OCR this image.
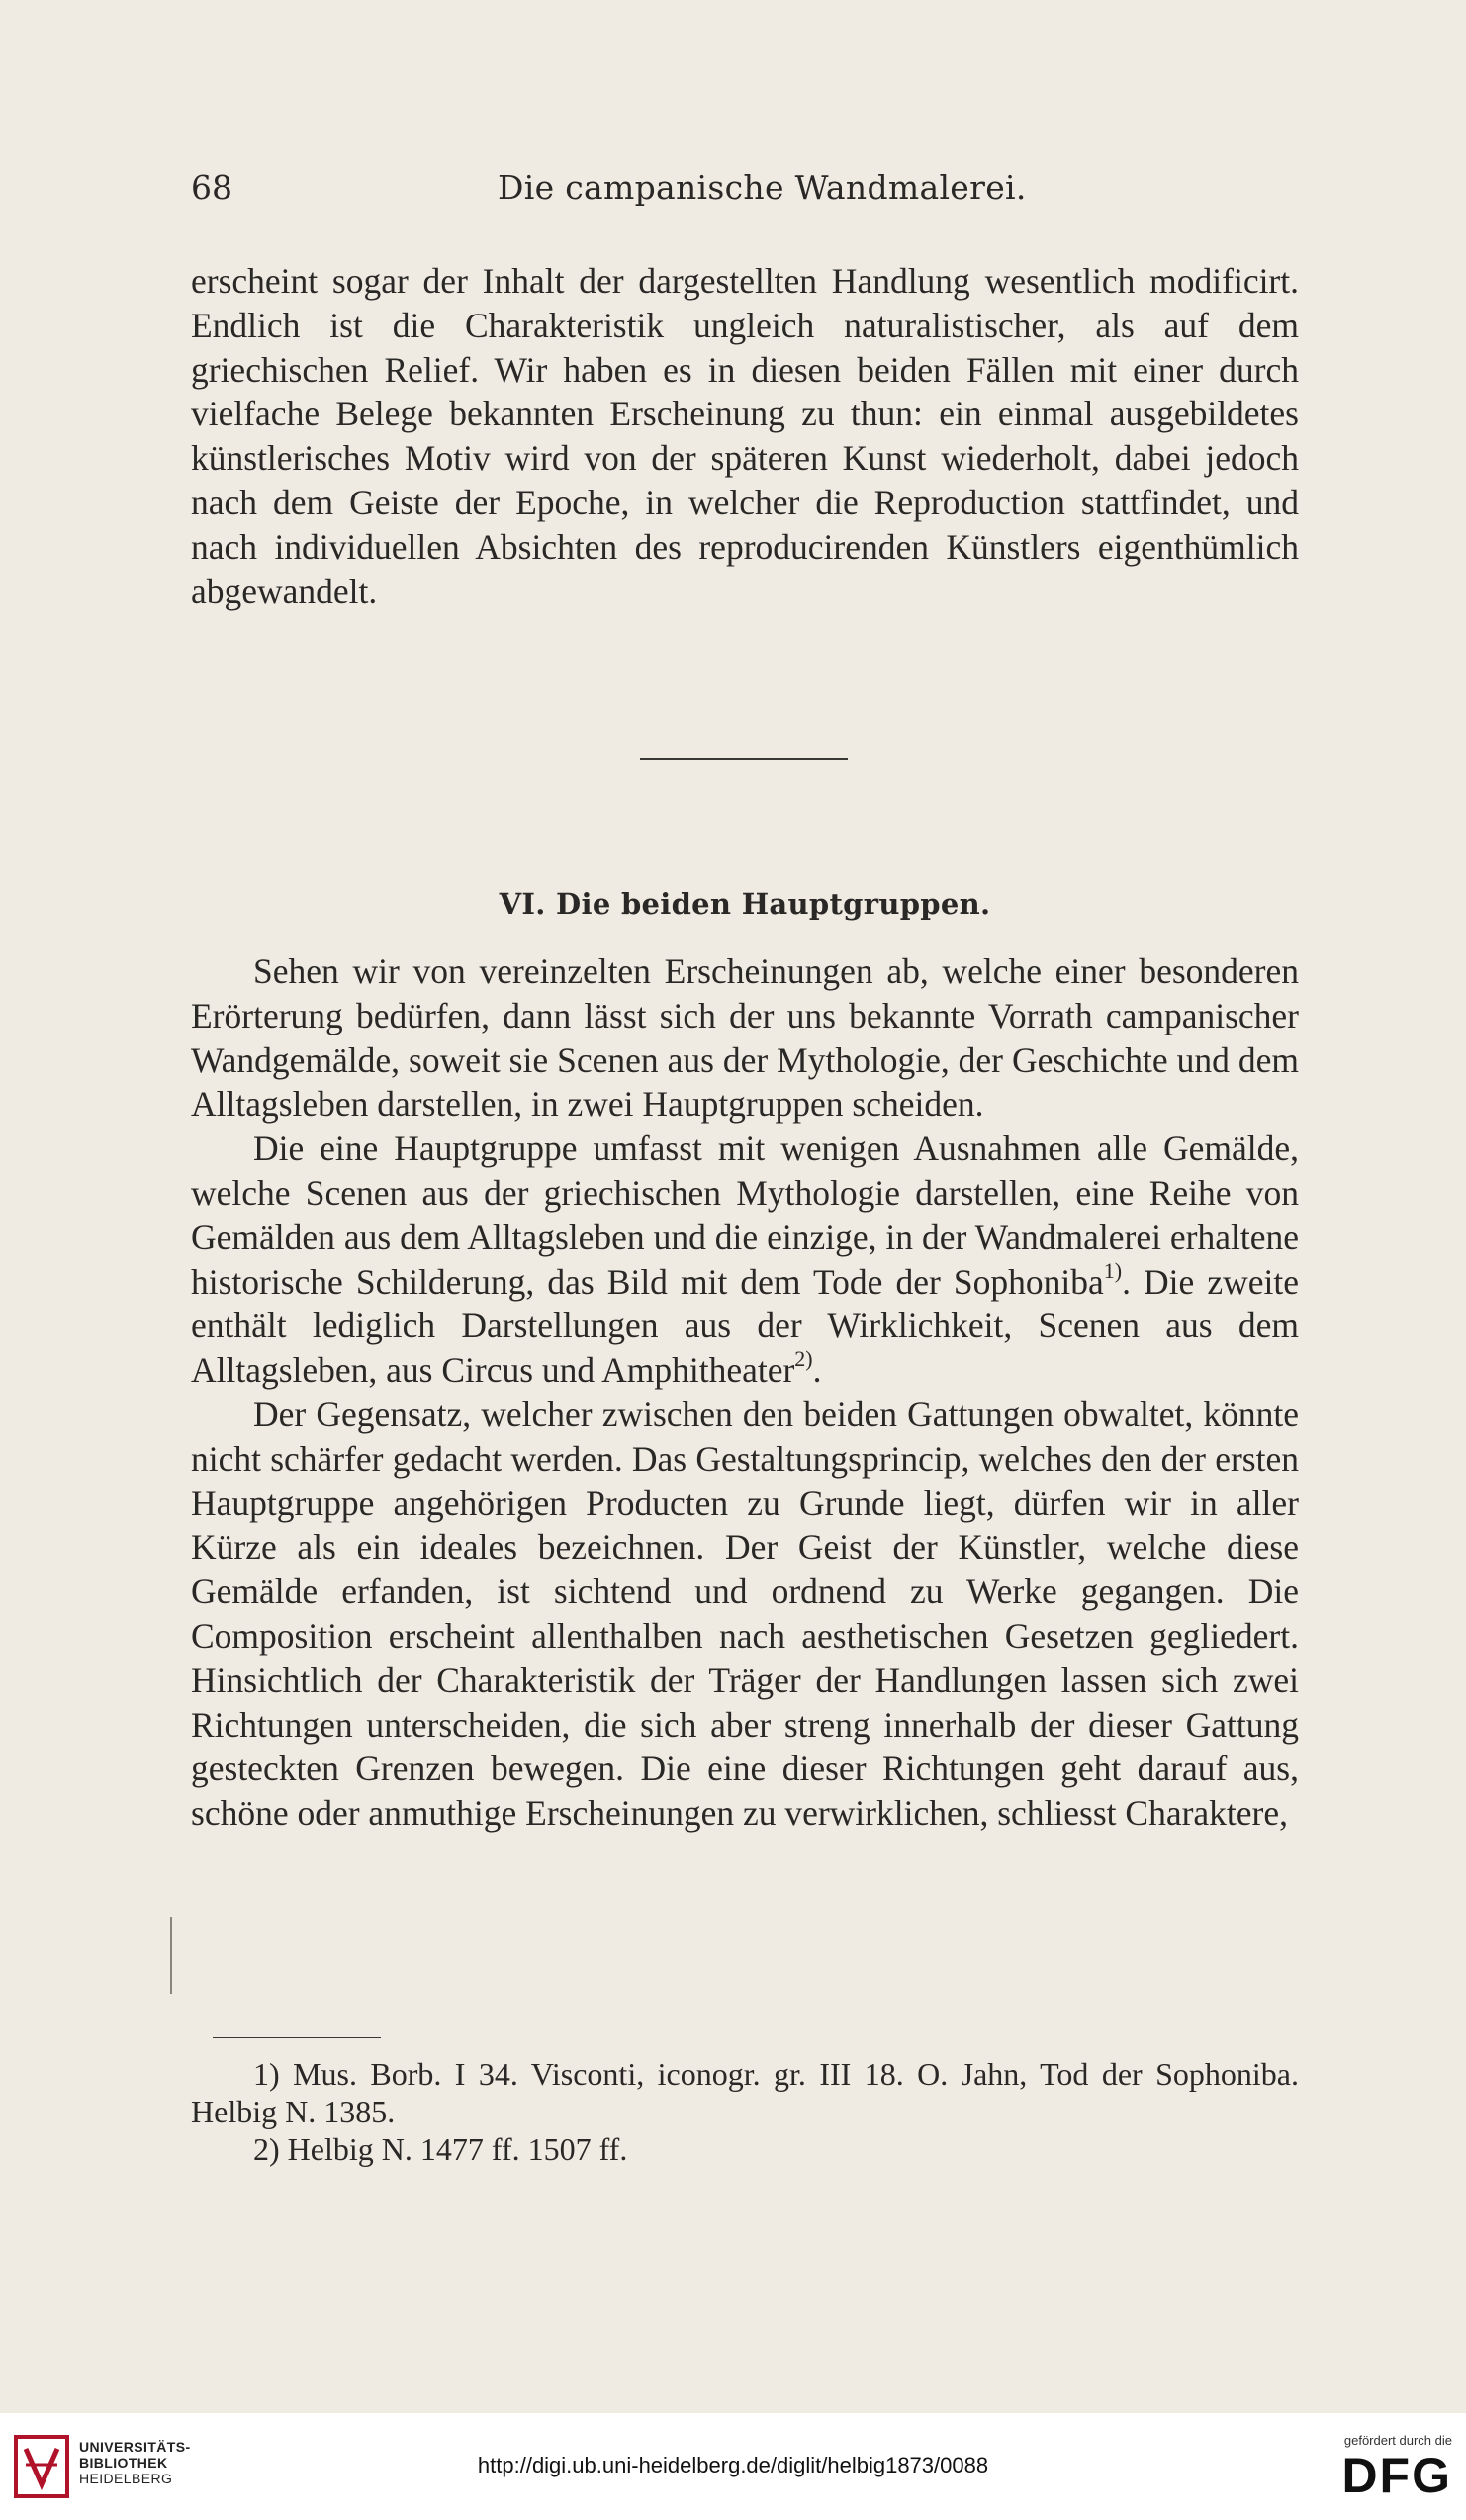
68	Die campanische Wandmalerei.

erscheint sogar der Inhalt der dargestellten Handlung wesentlich modificirt. Endlich ist die Charakteristik ungleich naturalistischer, als auf dem griechischen Relief. Wir haben es in diesen beiden Fällen mit einer durch vielfache Belege bekannten Erscheinung zu thun: ein einmal ausgebildetes künstlerisches Motiv wird von der späteren Kunst wiederholt, dabei jedoch nach dem Geiste der Epoche, in welcher die Reproduction stattfindet, und nach individuellen Absichten des reproducirenden Künstlers eigenthümlich abgewandelt.

VI. Die beiden Hauptgruppen.

Sehen wir von vereinzelten Erscheinungen ab, welche einer besonderen Erörterung bedürfen, dann lässt sich der uns bekannte Vorrath campanischer Wandgemälde, soweit sie Scenen aus der Mythologie, der Geschichte und dem Alltagsleben darstellen, in zwei Hauptgruppen scheiden.

Die eine Hauptgruppe umfasst mit wenigen Ausnahmen alle Gemälde, welche Scenen aus der griechischen Mythologie darstellen, eine Reihe von Gemälden aus dem Alltagsleben und die einzige, in der Wandmalerei erhaltene historische Schilderung, das Bild mit dem Tode der Sophoniba$^{1)}$. Die zweite enthält lediglich Darstellungen aus der Wirklichkeit, Scenen aus dem Alltagsleben, aus Circus und Amphitheater$^{2)}$.

Der Gegensatz, welcher zwischen den beiden Gattungen obwaltet, könnte nicht schärfer gedacht werden. Das Gestaltungsprincip, welches den der ersten Hauptgruppe angehörigen Producten zu Grunde liegt, dürfen wir in aller Kürze als ein ideales bezeichnen. Der Geist der Künstler, welche diese Gemälde erfanden, ist sichtend und ordnend zu Werke gegangen. Die Composition erscheint allenthalben nach aesthetischen Gesetzen gegliedert. Hinsichtlich der Charakteristik der Träger der Handlungen lassen sich zwei Richtungen unterscheiden, die sich aber streng innerhalb der dieser Gattung gesteckten Grenzen bewegen. Die eine dieser Richtungen geht darauf aus, schöne oder anmuthige Erscheinungen zu verwirklichen, schliesst Charaktere,

1) Mus. Borb. I 34. Visconti, iconogr. gr. III 18. O. Jahn, Tod der Sophoniba. Helbig N. 1385.

2) Helbig N. 1477 ff. 1507 ff.

UNIVERSITÄTS-
BIBLIOTHEK
HEIDELBERG
http://digi.ub.uni-heidelberg.de/diglit/helbig1873/0088
gefördert durch die
DFG
